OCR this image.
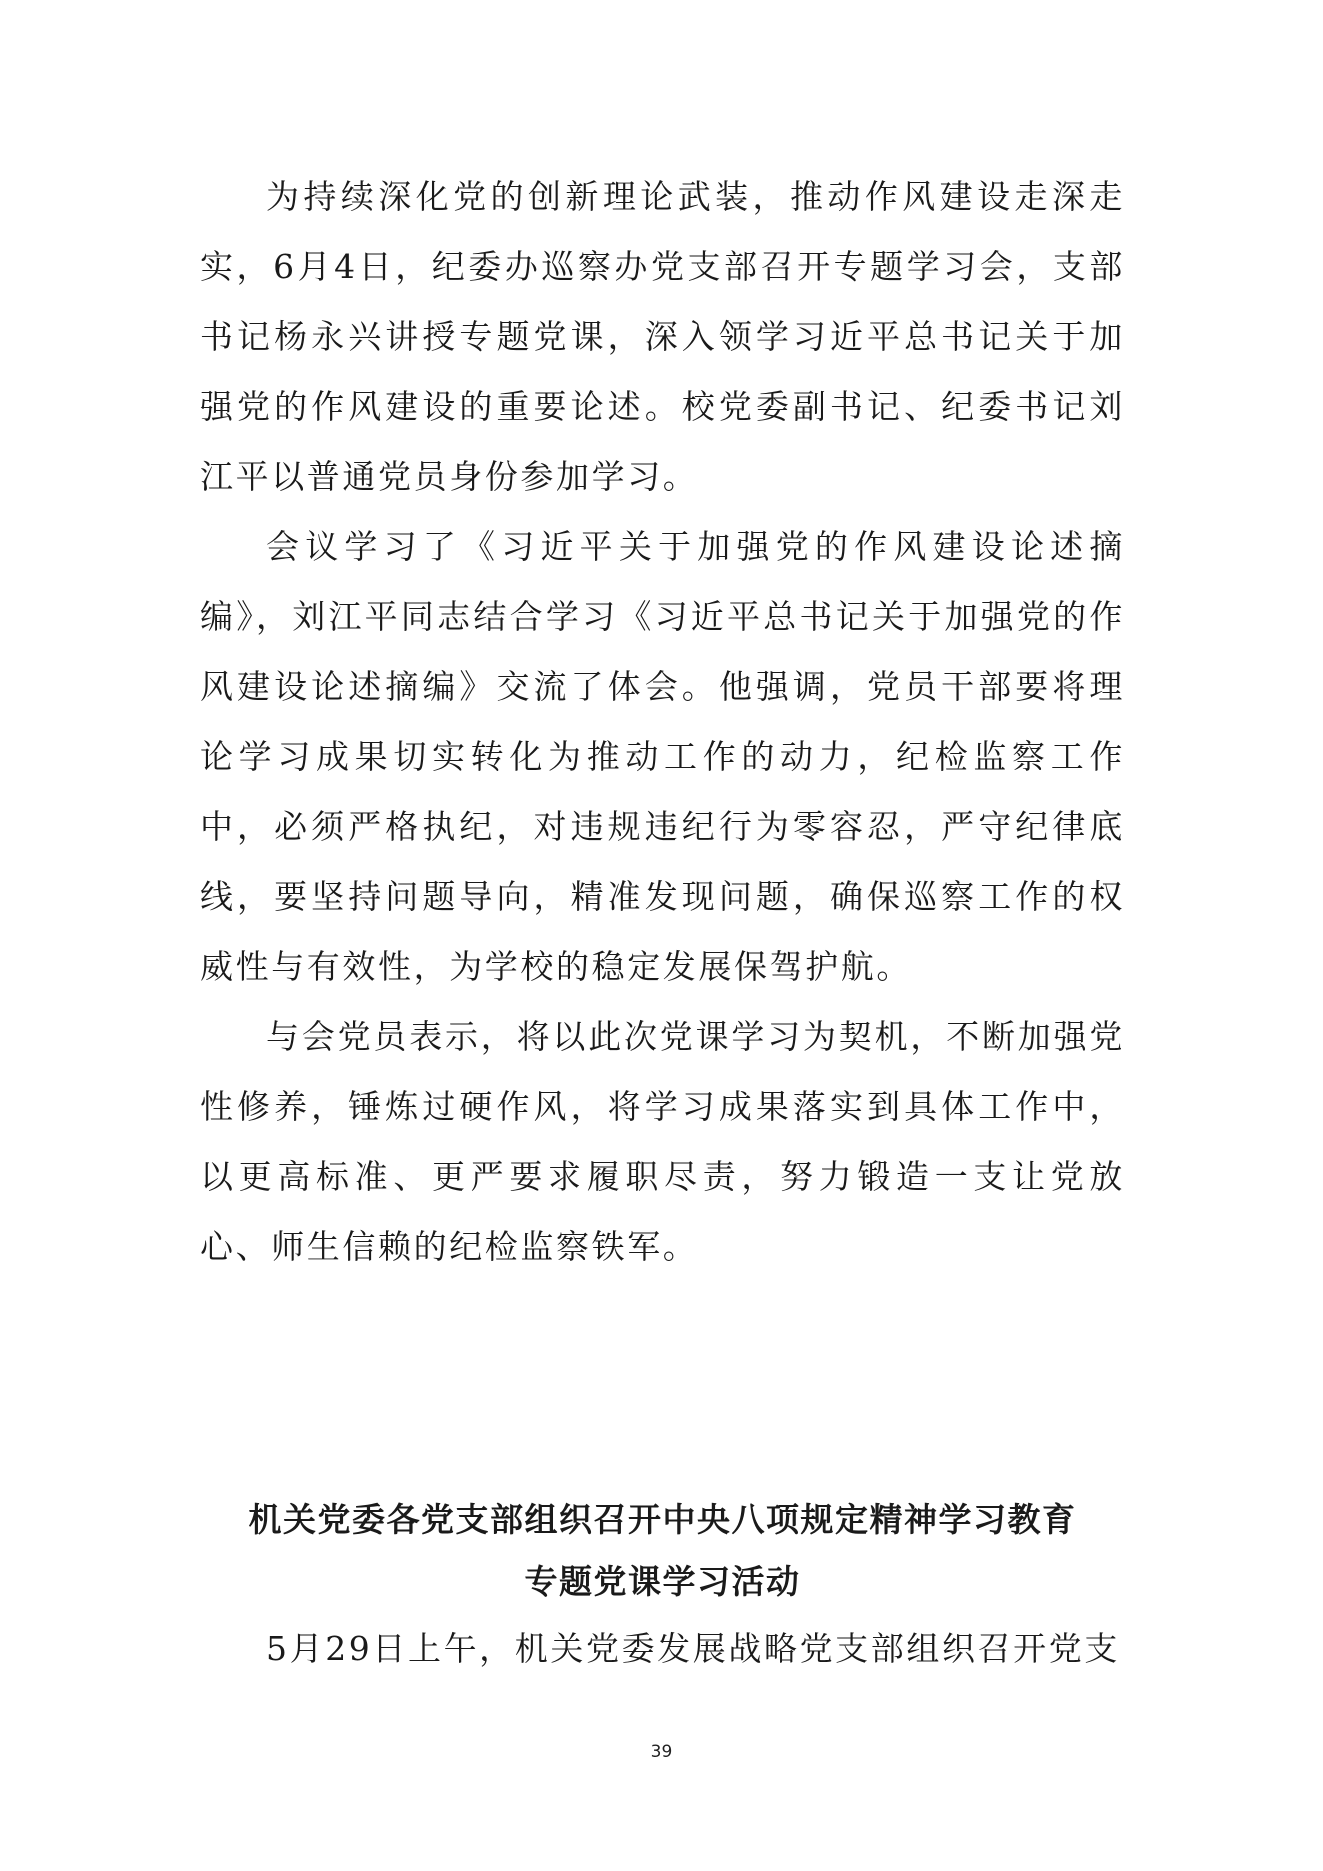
为持续深化党的创新理论武装，推动作风建设走深走实，6月4日，纪委办巡察办党支部召开专题学习会，支部书记杨永兴讲授专题党课，深入领学习近平总书记关于加强党的作风建设的重要论述。校党委副书记、纪委书记刘江平以普通党员身份参加学习。

会议学习了《习近平关于加强党的作风建设论述摘编》，刘江平同志结合学习《习近平总书记关于加强党的作风建设论述摘编》交流了体会。他强调，党员干部要将理论学习成果切实转化为推动工作的动力，纪检监察工作中，必须严格执纪，对违规违纪行为零容忍，严守纪律底线，要坚持问题导向，精准发现问题，确保巡察工作的权威性与有效性，为学校的稳定发展保驾护航。

与会党员表示，将以此次党课学习为契机，不断加强党性修养，锤炼过硬作风，将学习成果落实到具体工作中，以更高标准、更严要求履职尽责，努力锻造一支让党放心、师生信赖的纪检监察铁军。

机关党委各党支部组织召开中央八项规定精神学习教育
专题党课学习活动

5月29日上午，机关党委发展战略党支部组织召开党支

39
